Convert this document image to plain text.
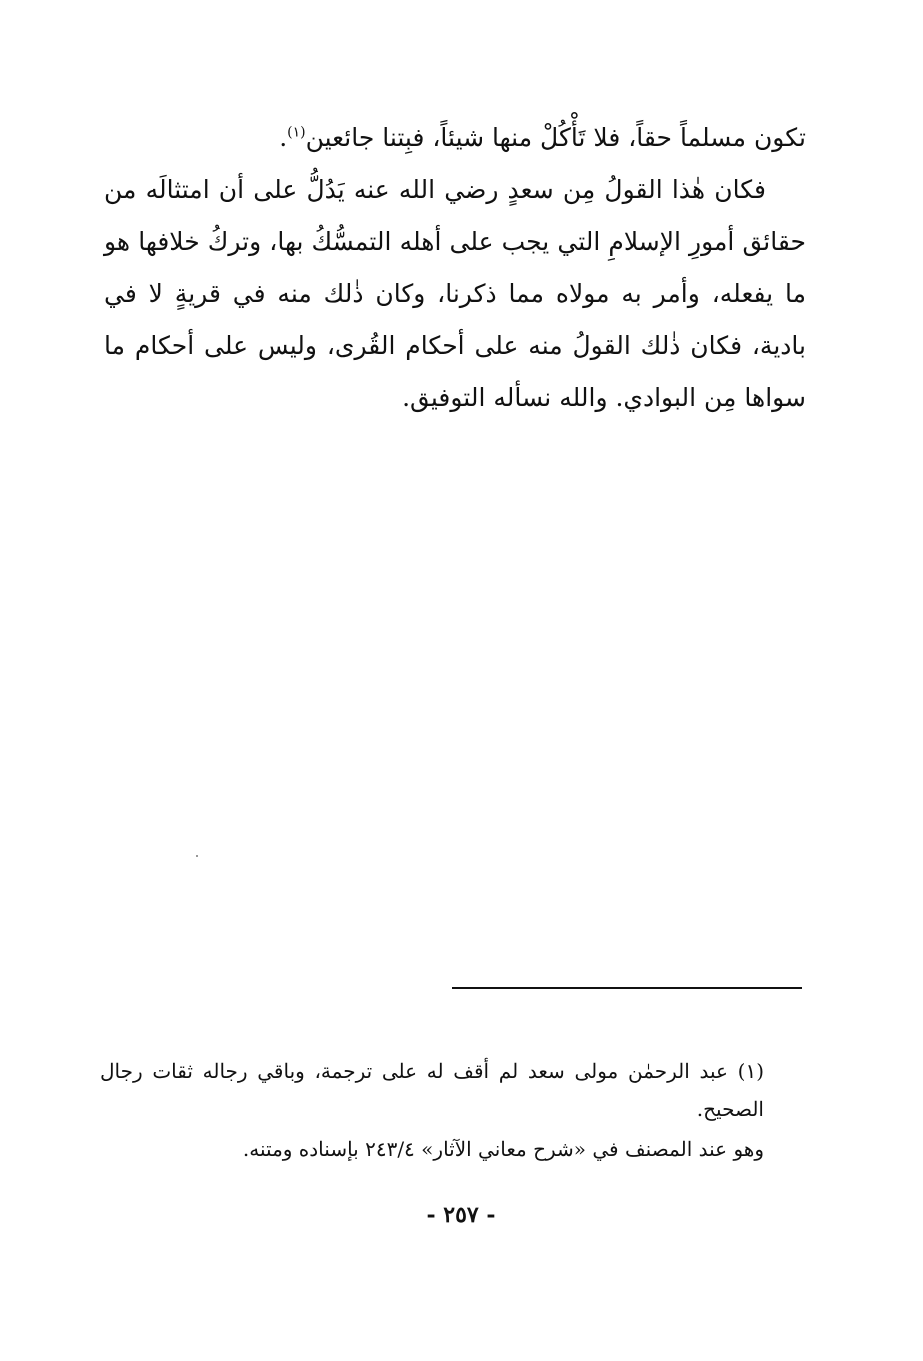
تكون مسلماً حقاً، فلا تَأْكُلْ منها شيئاً، فبِتنا جائعين$^{(١)}$.

فكان هٰذا القولُ مِن سعدٍ رضي الله عنه يَدُلُّ على أن امتثالَه من حقائق أمورِ الإسلامِ التي يجب على أهله التمسُّكُ بها، وتركُ خلافها هو ما يفعله، وأمر به مولاه مما ذكرنا، وكان ذٰلك منه في قريةٍ لا في بادية، فكان ذٰلك القولُ منه على أحكام القُرى، وليس على أحكام ما سواها مِن البوادي. والله نسأله التوفيق.

(١) عبد الرحمٰن مولى سعد لم أقف له على ترجمة، وباقي رجاله ثقات رجال الصحيح.

وهو عند المصنف في «شرح معاني الآثار» ٢٤٣/٤ بإسناده ومتنه.

- ٢٥٧ -
